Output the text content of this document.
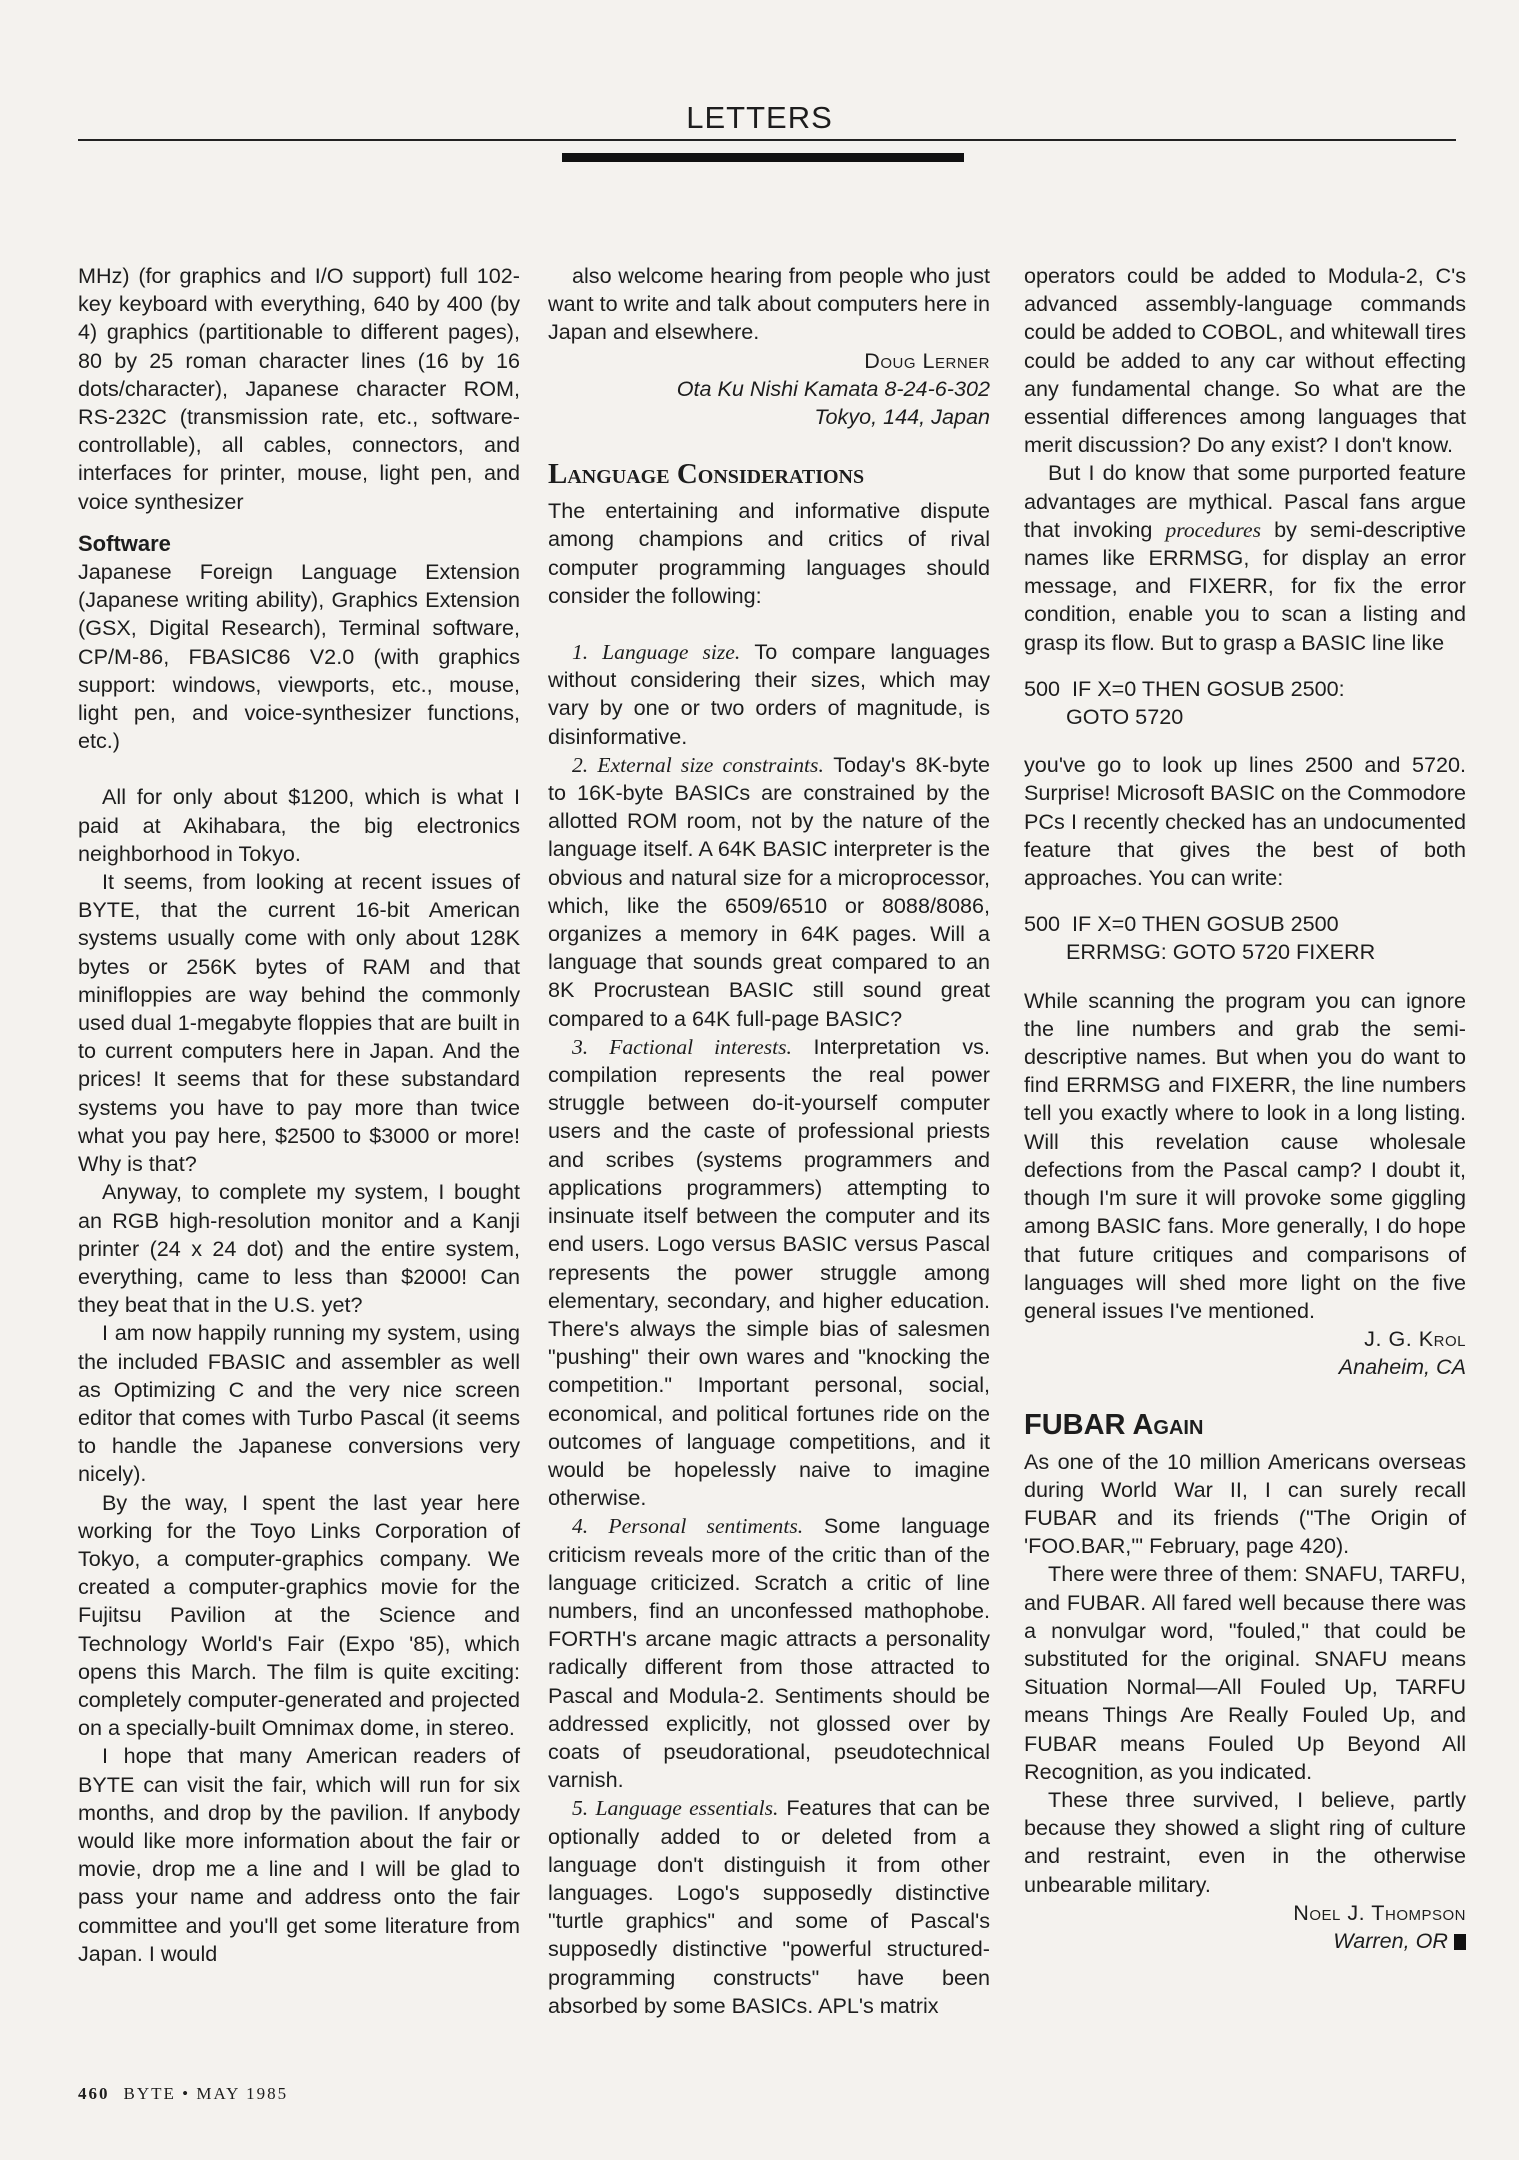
LETTERS

MHz) (for graphics and I/O support) full 102-key keyboard with everything, 640 by 400 (by 4) graphics (partitionable to different pages), 80 by 25 roman character lines (16 by 16 dots/character), Japanese character ROM, RS-232C (transmission rate, etc., software-controllable), all cables, connectors, and interfaces for printer, mouse, light pen, and voice synthesizer

Software

Japanese Foreign Language Extension (Japanese writing ability), Graphics Extension (GSX, Digital Research), Terminal software, CP/M-86, FBASIC86 V2.0 (with graphics support: windows, viewports, etc., mouse, light pen, and voice-synthesizer functions, etc.)

All for only about $1200, which is what I paid at Akihabara, the big electronics neighborhood in Tokyo.

It seems, from looking at recent issues of BYTE, that the current 16-bit American systems usually come with only about 128K bytes or 256K bytes of RAM and that minifloppies are way behind the commonly used dual 1-megabyte floppies that are built in to current computers here in Japan. And the prices! It seems that for these substandard systems you have to pay more than twice what you pay here, $2500 to $3000 or more! Why is that?

Anyway, to complete my system, I bought an RGB high-resolution monitor and a Kanji printer (24 x 24 dot) and the entire system, everything, came to less than $2000! Can they beat that in the U.S. yet?

I am now happily running my system, using the included FBASIC and assembler as well as Optimizing C and the very nice screen editor that comes with Turbo Pascal (it seems to handle the Japanese conversions very nicely).

By the way, I spent the last year here working for the Toyo Links Corporation of Tokyo, a computer-graphics company. We created a computer-graphics movie for the Fujitsu Pavilion at the Science and Technology World's Fair (Expo '85), which opens this March. The film is quite exciting: completely computer-generated and projected on a specially-built Omnimax dome, in stereo.

I hope that many American readers of BYTE can visit the fair, which will run for six months, and drop by the pavilion. If anybody would like more information about the fair or movie, drop me a line and I will be glad to pass your name and address onto the fair committee and you'll get some literature from Japan. I would

also welcome hearing from people who just want to write and talk about computers here in Japan and elsewhere.

Doug Lerner
Ota Ku Nishi Kamata 8-24-6-302
Tokyo, 144, Japan
Language Considerations

The entertaining and informative dispute among champions and critics of rival computer programming languages should consider the following:

1. Language size. To compare languages without considering their sizes, which may vary by one or two orders of magnitude, is disinformative.

2. External size constraints. Today's 8K-byte to 16K-byte BASICs are constrained by the allotted ROM room, not by the nature of the language itself. A 64K BASIC interpreter is the obvious and natural size for a microprocessor, which, like the 6509/6510 or 8088/8086, organizes a memory in 64K pages. Will a language that sounds great compared to an 8K Procrustean BASIC still sound great compared to a 64K full-page BASIC?

3. Factional interests. Interpretation vs. compilation represents the real power struggle between do-it-yourself computer users and the caste of professional priests and scribes (systems programmers and applications programmers) attempting to insinuate itself between the computer and its end users. Logo versus BASIC versus Pascal represents the power struggle among elementary, secondary, and higher education. There's always the simple bias of salesmen "pushing" their own wares and "knocking the competition." Important personal, social, economical, and political fortunes ride on the outcomes of language competitions, and it would be hopelessly naive to imagine otherwise.

4. Personal sentiments. Some language criticism reveals more of the critic than of the language criticized. Scratch a critic of line numbers, find an unconfessed mathophobe. FORTH's arcane magic attracts a personality radically different from those attracted to Pascal and Modula-2. Sentiments should be addressed explicitly, not glossed over by coats of pseudorational, pseudotechnical varnish.

5. Language essentials. Features that can be optionally added to or deleted from a language don't distinguish it from other languages. Logo's supposedly distinctive "turtle graphics" and some of Pascal's supposedly distinctive "powerful structured-programming constructs" have been absorbed by some BASICs. APL's matrix

operators could be added to Modula-2, C's advanced assembly-language commands could be added to COBOL, and whitewall tires could be added to any car without effecting any fundamental change. So what are the essential differences among languages that merit discussion? Do any exist? I don't know.

But I do know that some purported feature advantages are mythical. Pascal fans argue that invoking procedures by semi-descriptive names like ERRMSG, for display an error message, and FIXERR, for fix the error condition, enable you to scan a listing and grasp its flow. But to grasp a BASIC line like

500  IF X=0 THEN GOSUB 2500:
GOTO 5720

you've go to look up lines 2500 and 5720. Surprise! Microsoft BASIC on the Commodore PCs I recently checked has an undocumented feature that gives the best of both approaches. You can write:

500  IF X=0 THEN GOSUB 2500
ERRMSG: GOTO 5720 FIXERR

While scanning the program you can ignore the line numbers and grab the semi-descriptive names. But when you do want to find ERRMSG and FIXERR, the line numbers tell you exactly where to look in a long listing. Will this revelation cause wholesale defections from the Pascal camp? I doubt it, though I'm sure it will provoke some giggling among BASIC fans. More generally, I do hope that future critiques and comparisons of languages will shed more light on the five general issues I've mentioned.

J. G. Krol
Anaheim, CA
FUBAR Again

As one of the 10 million Americans overseas during World War II, I can surely recall FUBAR and its friends ("The Origin of 'FOO.BAR,'" February, page 420).

There were three of them: SNAFU, TARFU, and FUBAR. All fared well because there was a nonvulgar word, "fouled," that could be substituted for the original. SNAFU means Situation Normal—All Fouled Up, TARFU means Things Are Really Fouled Up, and FUBAR means Fouled Up Beyond All Recognition, as you indicated.

These three survived, I believe, partly because they showed a slight ring of culture and restraint, even in the otherwise unbearable military.

Noel J. Thompson
Warren, OR
460 BYTE • MAY 1985
